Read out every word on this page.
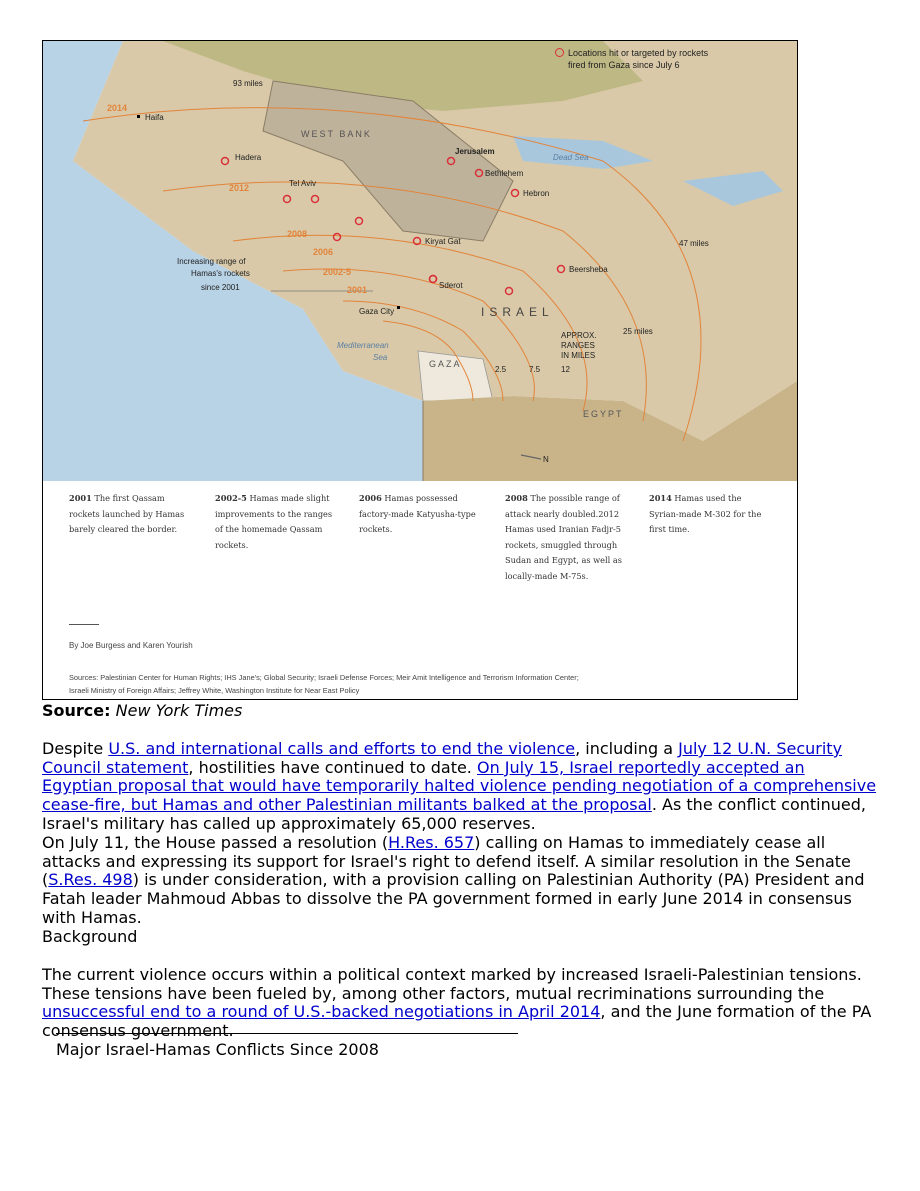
Locations hit or targeted by rockets
fired from Gaza since July 6
93 miles
Haifa
WEST BANK
Hadera
Jerusalem
Dead Sea
Tel Aviv
Bethlehem
Hebron
Kiryat Gat	47 miles
Beersheba
Increasing range of
Hamas's rockets
since 2001	Sderot
Gaza City	ISRAEL
APPROX.
RANGES
IN MILES
25 miles
Mediterranean
Sea
GAZA
2.5	7.5	12
EGYPT
N
2014
2012
2008
2006
2002-5
2001
2001 The first Qassam
rockets launched by Hamas
barely cleared the border.
2002-5 Hamas made slight
improvements to the ranges
of the homemade Qassam
rockets.
2006 Hamas possessed
factory-made Katyusha-type
rockets.
2008 The possible range of
attack nearly doubled.2012
Hamas used Iranian Fadjr-5
rockets, smuggled through
Sudan and Egypt, as well as
locally-made M-75s.
2014 Hamas used the
Syrian-made M-302 for the
first time.
By Joe Burgess and Karen Yourish
Sources: Palestinian Center for Human Rights; IHS Jane's; Global Security; Israeli Defense Forces; Meir Amit Intelligence and Terrorism Information Center;
Israeli Ministry of Foreign Affairs; Jeffrey White, Washington Institute for Near East Policy
Source: New York Times
Despite U.S. and international calls and efforts to end the violence, including a July 12 U.N. Security Council statement, hostilities have continued to date. On July 15, Israel reportedly accepted an Egyptian proposal that would have temporarily halted violence pending negotiation of a comprehensive cease-fire, but Hamas and other Palestinian militants balked at the proposal. As the conflict continued, Israel's military has called up approximately 65,000 reserves.
On July 11, the House passed a resolution (H.Res. 657) calling on Hamas to immediately cease all attacks and expressing its support for Israel's right to defend itself. A similar resolution in the Senate (S.Res. 498) is under consideration, with a provision calling on Palestinian Authority (PA) President and Fatah leader Mahmoud Abbas to dissolve the PA government formed in early June 2014 in consensus with Hamas.
Background
The current violence occurs within a political context marked by increased Israeli-Palestinian tensions. These tensions have been fueled by, among other factors, mutual recriminations surrounding the unsuccessful end to a round of U.S.-backed negotiations in April 2014, and the June formation of the PA consensus government.
Major Israel-Hamas Conflicts Since 2008
